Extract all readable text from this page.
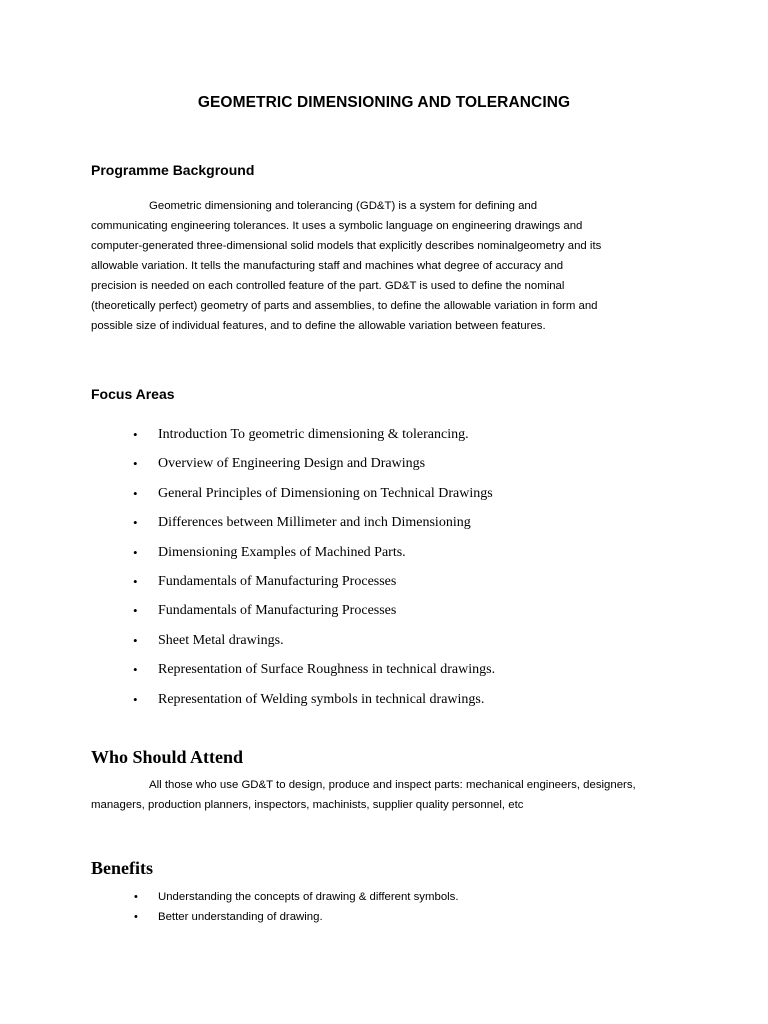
GEOMETRIC DIMENSIONING AND TOLERANCING
Programme Background

Geometric dimensioning and tolerancing (GD&T) is a system for defining and
communicating engineering tolerances. It uses a symbolic language on engineering drawings and
computer-generated three-dimensional solid models that explicitly describes nominalgeometry and its
allowable variation. It tells the manufacturing staff and machines what degree of accuracy and
precision is needed on each controlled feature of the part. GD&T is used to define the nominal
(theoretically perfect) geometry of parts and assemblies, to define the allowable variation in form and
possible size of individual features, and to define the allowable variation between features.

Focus Areas
• Introduction To geometric dimensioning & tolerancing.
• Overview of Engineering Design and Drawings
• General Principles of Dimensioning on Technical Drawings
• Differences between Millimeter and inch Dimensioning
• Dimensioning Examples of Machined Parts.
• Fundamentals of Manufacturing Processes
• Fundamentals of Manufacturing Processes
• Sheet Metal drawings.
• Representation of Surface Roughness in technical drawings.
• Representation of Welding symbols in technical drawings.
Who Should Attend

All those who use GD&T to design, produce and inspect parts: mechanical engineers, designers,
managers, production planners, inspectors, machinists, supplier quality personnel, etc

Benefits
• Understanding the concepts of drawing & different symbols.
• Better understanding of drawing.
